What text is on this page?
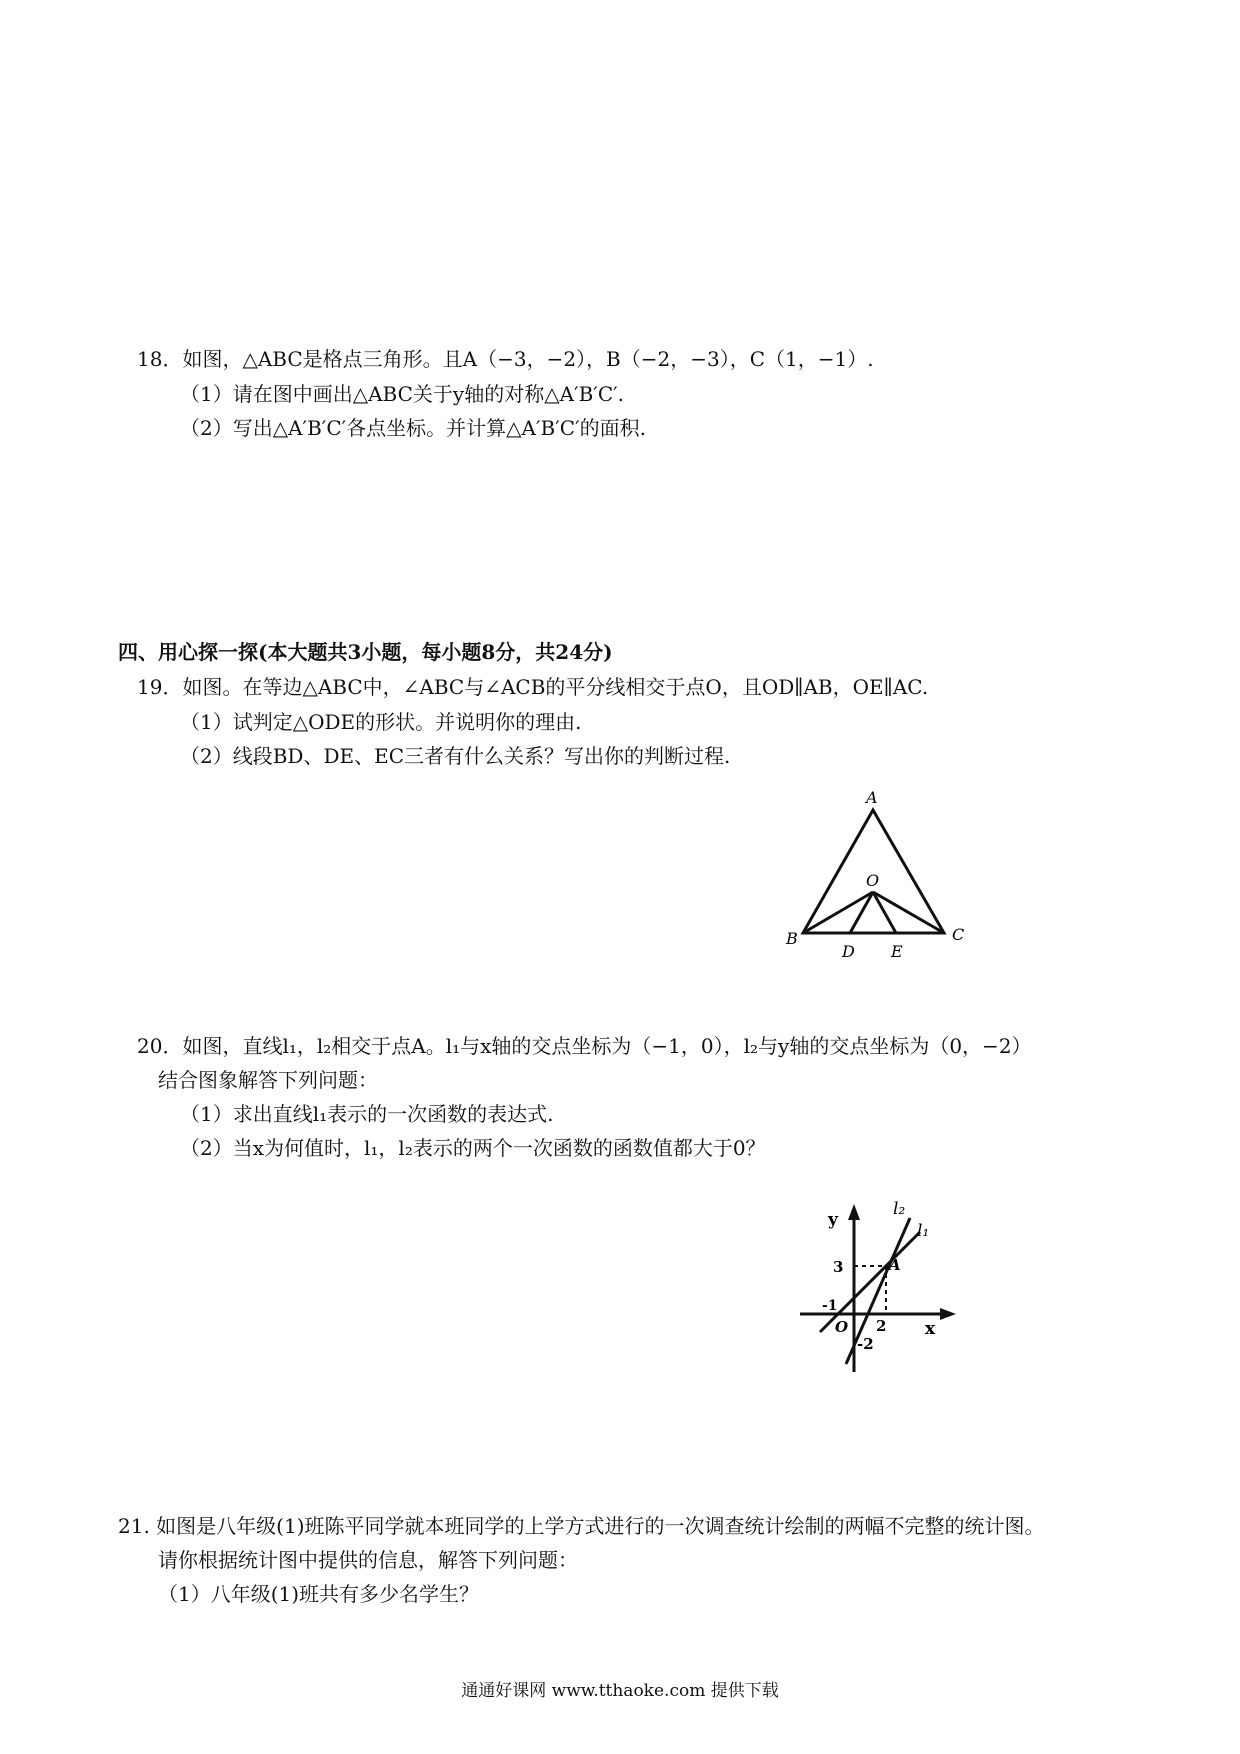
18．如图，△ABC是格点三角形。且A（−3，−2），B（−2，−3），C（1，−1）.
（1）请在图中画出△ABC关于y轴的对称△A′B′C′.
（2）写出△A′B′C′各点坐标。并计算△A′B′C′的面积.
四、用心探一探(本大题共3小题，每小题8分，共24分)
19．如图。在等边△ABC中，∠ABC与∠ACB的平分线相交于点O，且OD∥AB，OE∥AC.
（1）试判定△ODE的形状。并说明你的理由.
（2）线段BD、DE、EC三者有什么关系？写出你的判断过程.
A
O
B	C
D E
20．如图，直线l₁，l₂相交于点A。l₁与x轴的交点坐标为（−1，0），l₂与y轴的交点坐标为（0，−2）
结合图象解答下列问题：
（1）求出直线l₁表示的一次函数的表达式.
（2）当x为何值时，l₁，l₂表示的两个一次函数的函数值都大于0？
y
x
l₂
l₁
3	A
-1
O 2
-2
21. 如图是八年级(1)班陈平同学就本班同学的上学方式进行的一次调查统计绘制的两幅不完整的统计图。
请你根据统计图中提供的信息，解答下列问题：
（1）八年级(1)班共有多少名学生？
通通好课网 www.tthaoke.com 提供下载
